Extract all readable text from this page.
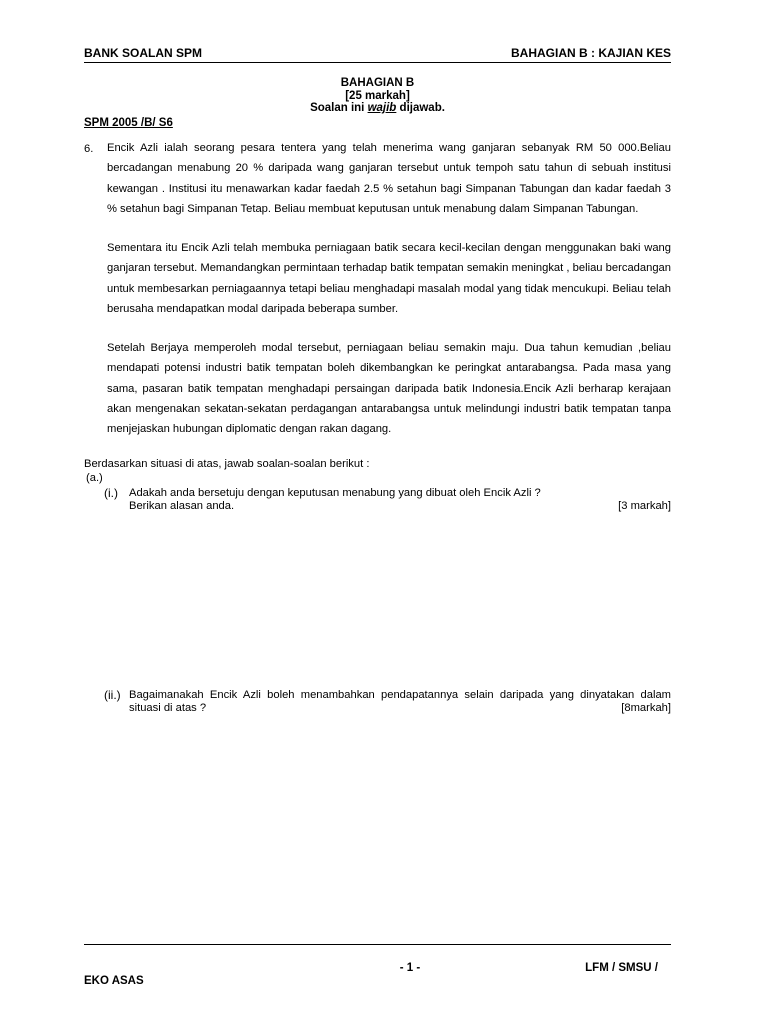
BANK SOALAN SPM	BAHAGIAN B : KAJIAN KES
BAHAGIAN B
[25 markah]
Soalan ini wajib dijawab.
SPM 2005 /B/ S6
6. Encik Azli ialah seorang pesara tentera yang telah menerima wang ganjaran sebanyak RM 50 000.Beliau bercadangan menabung 20 % daripada wang ganjaran tersebut untuk tempoh satu tahun di sebuah institusi kewangan . Institusi itu menawarkan kadar faedah 2.5 % setahun bagi Simpanan Tabungan dan kadar faedah 3 % setahun bagi Simpanan Tetap. Beliau membuat keputusan untuk menabung dalam Simpanan Tabungan.
Sementara itu Encik Azli telah membuka perniagaan batik secara kecil-kecilan dengan menggunakan baki wang ganjaran tersebut. Memandangkan permintaan terhadap batik tempatan semakin meningkat , beliau bercadangan untuk membesarkan perniagaannya tetapi beliau menghadapi masalah modal yang tidak mencukupi. Beliau telah berusaha mendapatkan modal daripada beberapa sumber.
Setelah Berjaya memperoleh modal tersebut, perniagaan beliau semakin maju. Dua tahun kemudian ,beliau mendapati potensi industri batik tempatan boleh dikembangkan ke peringkat antarabangsa. Pada masa yang sama, pasaran batik tempatan menghadapi persaingan daripada batik Indonesia.Encik Azli berharap kerajaan akan mengenakan sekatan-sekatan perdagangan antarabangsa untuk melindungi industri batik tempatan tanpa menjejaskan hubungan diplomatic dengan rakan dagang.
Berdasarkan situasi di atas, jawab soalan-soalan berikut :
(a.)
(i.) Adakah anda bersetuju dengan keputusan menabung yang dibuat oleh Encik Azli ?
Berikan alasan anda.	[3 markah]
(ii.) Bagaimanakah Encik Azli boleh menambahkan pendapatannya selain daripada yang dinyatakan dalam
situasi di atas ?	[8markah]
- 1 -	LFM / SMSU /
EKO ASAS
